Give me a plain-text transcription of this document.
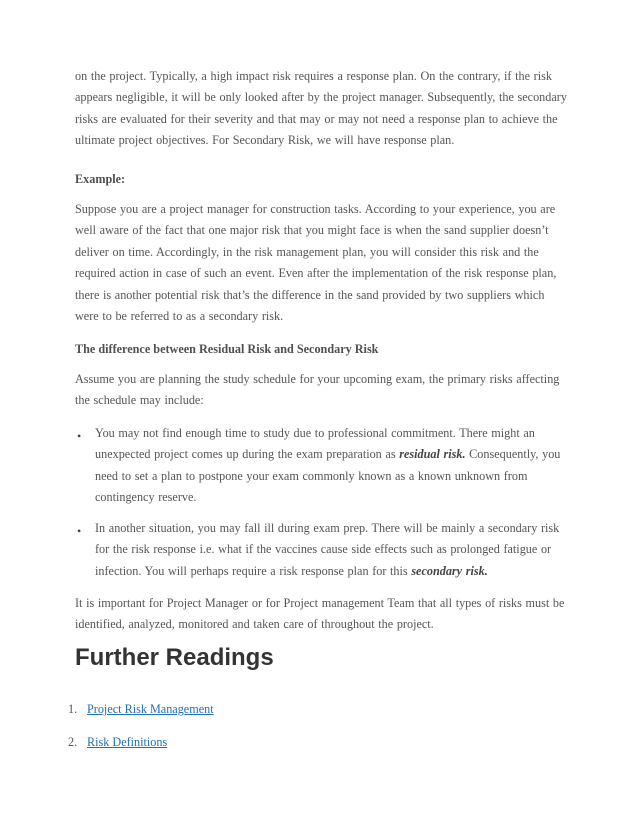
on the project. Typically, a high impact risk requires a response plan. On the contrary, if the risk appears negligible, it will be only looked after by the project manager. Subsequently, the secondary risks are evaluated for their severity and that may or may not need a response plan to achieve the ultimate project objectives. For Secondary Risk, we will have response plan.

Example:

Suppose you are a project manager for construction tasks. According to your experience, you are well aware of the fact that one major risk that you might face is when the sand supplier doesn’t deliver on time. Accordingly, in the risk management plan, you will consider this risk and the required action in case of such an event. Even after the implementation of the risk response plan, there is another potential risk that’s the difference in the sand provided by two suppliers which were to be referred to as a secondary risk.

The difference between Residual Risk and Secondary Risk

Assume you are planning the study schedule for your upcoming exam, the primary risks affecting the schedule may include:

• You may not find enough time to study due to professional commitment. There might an unexpected project comes up during the exam preparation as residual risk. Consequently, you need to set a plan to postpone your exam commonly known as a known unknown from contingency reserve.

• In another situation, you may fall ill during exam prep. There will be mainly a secondary risk for the risk response i.e. what if the vaccines cause side effects such as prolonged fatigue or infection. You will perhaps require a risk response plan for this secondary risk.

It is important for Project Manager or for Project management Team that all types of risks must be identified, analyzed, monitored and taken care of throughout the project.

Further Readings

1. Project Risk Management

2. Risk Definitions
